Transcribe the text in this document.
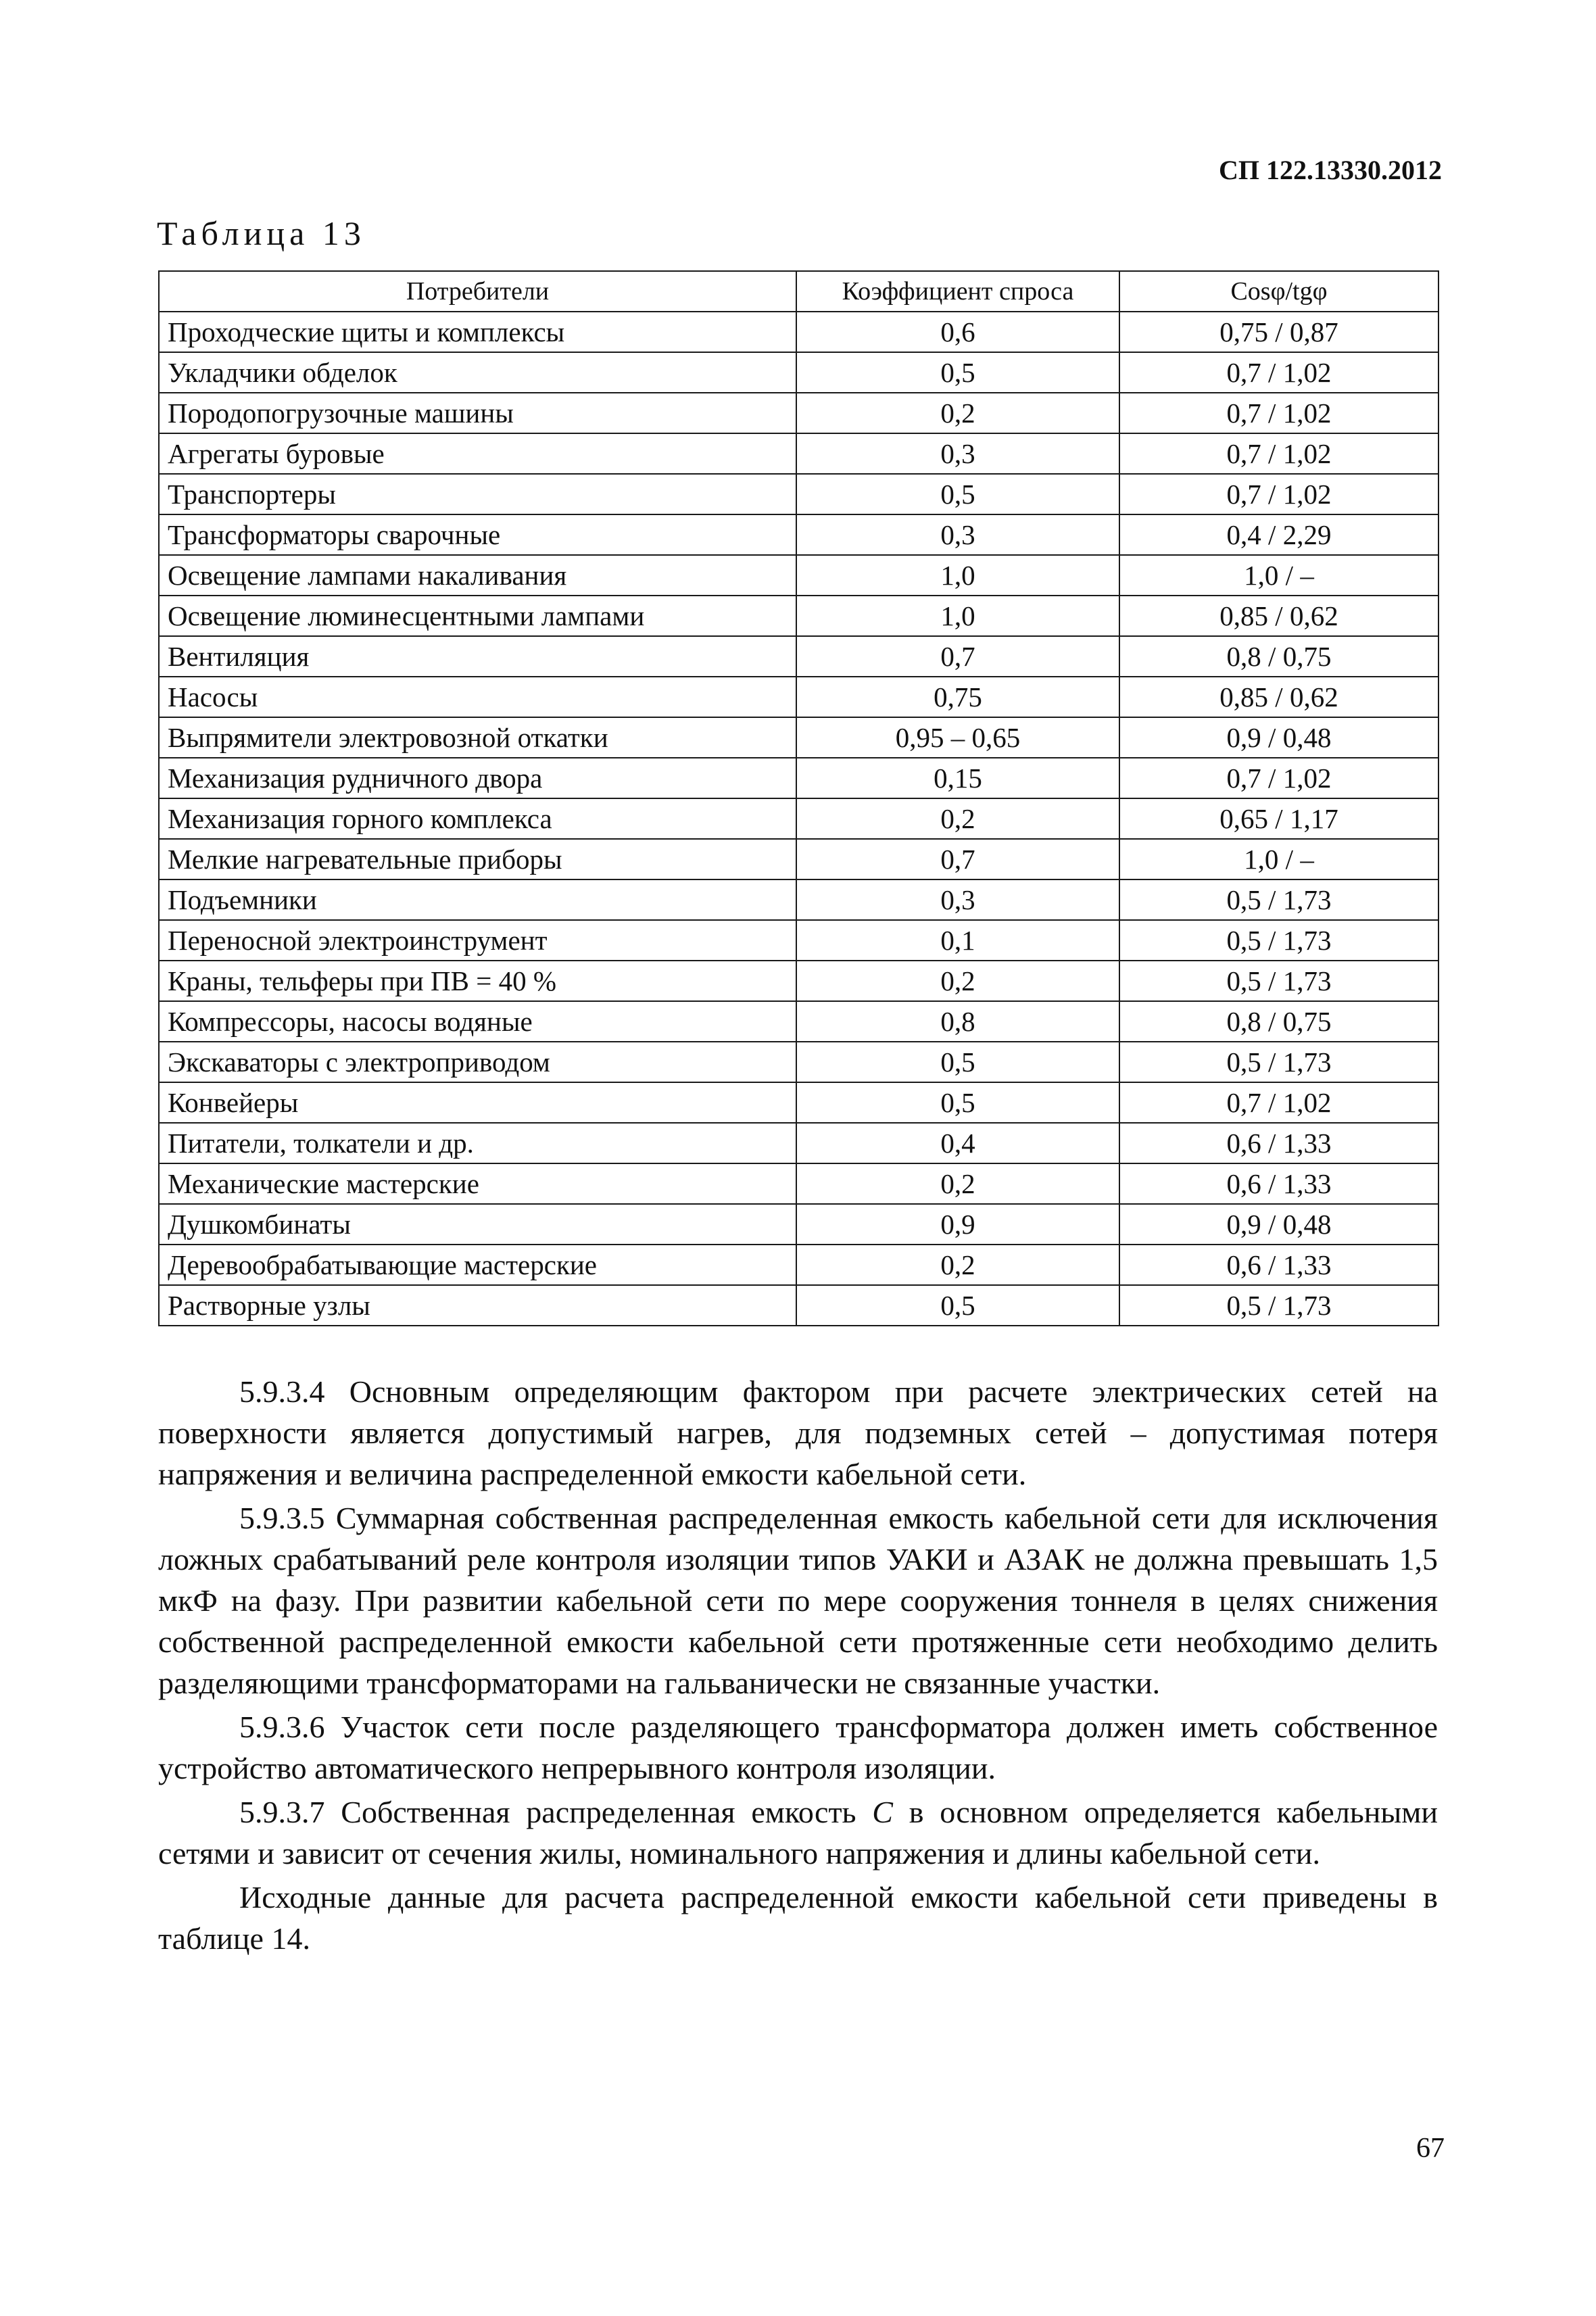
СП 122.13330.2012
Таблица 13
Потребители	Коэффициент спроса	Cosφ/tgφ
Проходческие щиты и комплексы	0,6	0,75 / 0,87
Укладчики обделок	0,5	0,7 / 1,02
Породопогрузочные машины	0,2	0,7 / 1,02
Агрегаты буровые	0,3	0,7 / 1,02
Транспортеры	0,5	0,7 / 1,02
Трансформаторы сварочные	0,3	0,4 / 2,29
Освещение лампами накаливания	1,0	1,0 / –
Освещение люминесцентными лампами	1,0	0,85 / 0,62
Вентиляция	0,7	0,8 / 0,75
Насосы	0,75	0,85 / 0,62
Выпрямители электровозной откатки	0,95 – 0,65	0,9 / 0,48
Механизация рудничного двора	0,15	0,7 / 1,02
Механизация горного комплекса	0,2	0,65 / 1,17
Мелкие нагревательные приборы	0,7	1,0 / –
Подъемники	0,3	0,5 / 1,73
Переносной электроинструмент	0,1	0,5 / 1,73
Краны, тельферы при ПВ = 40 %	0,2	0,5 / 1,73
Компрессоры, насосы водяные	0,8	0,8 / 0,75
Экскаваторы с электроприводом	0,5	0,5 / 1,73
Конвейеры	0,5	0,7 / 1,02
Питатели, толкатели и др.	0,4	0,6 / 1,33
Механические мастерские	0,2	0,6 / 1,33
Душкомбинаты	0,9	0,9 / 0,48
Деревообрабатывающие мастерские	0,2	0,6 / 1,33
Растворные узлы	0,5	0,5 / 1,73

5.9.3.4 Основным определяющим фактором при расчете электрических сетей на поверхности является допустимый нагрев, для подземных сетей – допустимая потеря напряжения и величина распределенной емкости кабельной сети.

5.9.3.5 Суммарная собственная распределенная емкость кабельной сети для исключения ложных срабатываний реле контроля изоляции типов УАКИ и АЗАК не должна превышать 1,5 мкФ на фазу. При развитии кабельной сети по мере сооружения тоннеля в целях снижения собственной распределенной емкости кабельной сети протяженные сети необходимо делить разделяющими трансформаторами на гальванически не связанные участки.

5.9.3.6 Участок сети после разделяющего трансформатора должен иметь собственное устройство автоматического непрерывного контроля изоляции.

5.9.3.7 Собственная распределенная емкость С в основном определяется кабельными сетями и зависит от сечения жилы, номинального напряжения и длины кабельной сети.

Исходные данные для расчета распределенной емкости кабельной сети приведены в таблице 14.

67
